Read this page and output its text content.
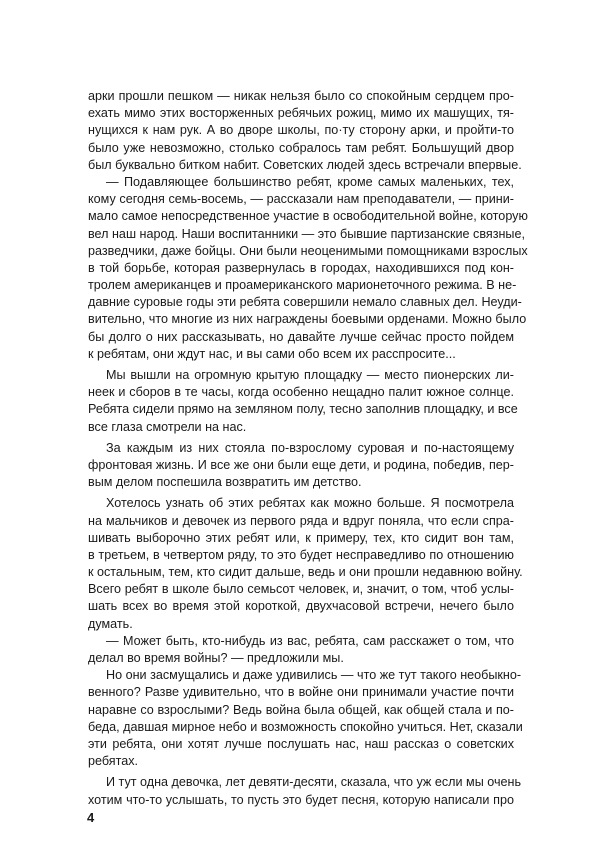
арки прошли пешком — никак нельзя было со спокойным сердцем про-
ехать мимо этих восторженных ребячьих рожиц, мимо их машущих, тя-
нущихся к нам рук. А во дворе школы, по·ту сторону арки, и пройти-то
было уже невозможно, столько собралось там ребят. Большущий двор
был буквально битком набит. Советских людей здесь встречали впервые.
— Подавляющее большинство ребят, кроме самых маленьких, тех,
кому сегодня семь-восемь, — рассказали нам преподаватели, — прини-
мало самое непосредственное участие в освободительной войне, которую
вел наш народ. Наши воспитанники — это бывшие партизанские связные,
разведчики, даже бойцы. Они были неоценимыми помощниками взрослых
в той борьбе, которая развернулась в городах, находившихся под кон-
тролем американцев и проамериканского марионеточного режима. В не-
давние суровые годы эти ребята совершили немало славных дел. Неуди-
вительно, что многие из них награждены боевыми орденами. Можно было
бы долго о них рассказывать, но давайте лучше сейчас просто пойдем
к ребятам, они ждут нас, и вы сами обо всем их расспросите...
Мы вышли на огромную крытую площадку — место пионерских ли-
неек и сборов в те часы, когда особенно нещадно палит южное солнце.
Ребята сидели прямо на земляном полу, тесно заполнив площадку, и все
все глаза смотрели на нас.
За каждым из них стояла по-взрослому суровая и по-настоящему
фронтовая жизнь. И все же они были еще дети, и родина, победив, пер-
вым делом поспешила возвратить им детство.
Хотелось узнать об этих ребятах как можно больше. Я посмотрела
на мальчиков и девочек из первого ряда и вдруг поняла, что если спра-
шивать выборочно этих ребят или, к примеру, тех, кто сидит вон там,
в третьем, в четвертом ряду, то это будет несправедливо по отношению
к остальным, тем, кто сидит дальше, ведь и они прошли недавнюю войну.
Всего ребят в школе было семьсот человек, и, значит, о том, чтоб услы-
шать всех во время этой короткой, двухчасовой встречи, нечего было
думать.
— Может быть, кто-нибудь из вас, ребята, сам расскажет о том, что
делал во время войны? — предложили мы.
Но они засмущались и даже удивились — что же тут такого необыкно-
венного? Разве удивительно, что в войне они принимали участие почти
наравне со взрослыми? Ведь война была общей, как общей стала и по-
беда, давшая мирное небо и возможность спокойно учиться. Нет, сказали
эти ребята, они хотят лучше послушать нас, наш рассказ о советских
ребятах.
И тут одна девочка, лет девяти-десяти, сказала, что уж если мы очень
хотим что-то услышать, то пусть это будет песня, которую написали про
4
